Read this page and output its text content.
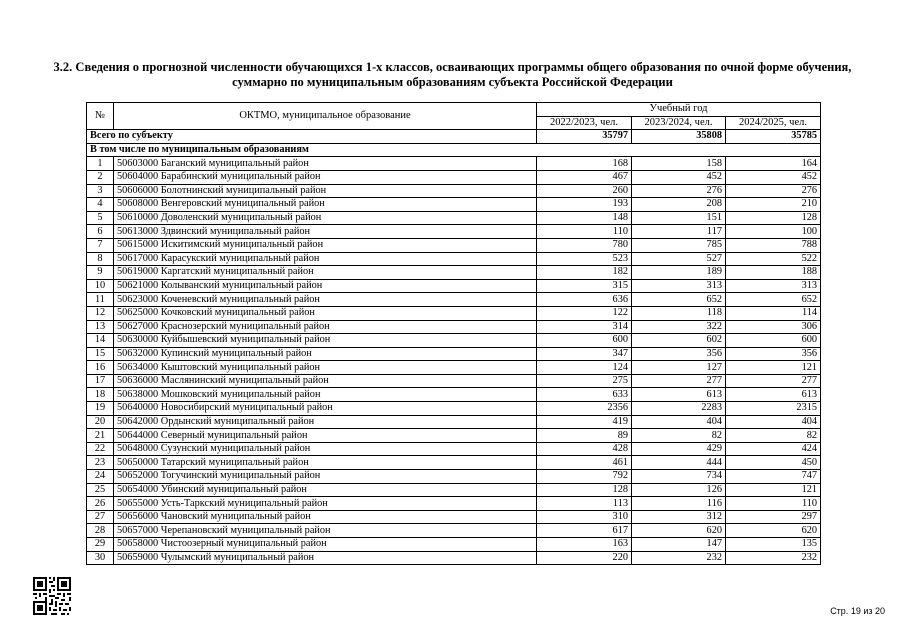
3.2. Сведения о прогнозной численности обучающихся 1-х классов, осваивающих программы общего образования по очной форме обучения,
суммарно по муниципальным образованиям субъекта Российской Федерации
№	ОКТМО, муниципальное образование	Учебный год		
		2022/2023, чел.	2023/2024, чел.	2024/2025, чел.
Всего по субъекту		35797	35808	35785
В том числе по муниципальным образованиям				
1	50603000 Баганский муниципальный район	168	158	164
2	50604000 Барабинский муниципальный район	467	452	452
3	50606000 Болотнинский муниципальный район	260	276	276
4	50608000 Венгеровский муниципальный район	193	208	210
5	50610000 Доволенский муниципальный район	148	151	128
6	50613000 Здвинский муниципальный район	110	117	100
7	50615000 Искитимский муниципальный район	780	785	788
8	50617000 Карасукский муниципальный район	523	527	522
9	50619000 Каргатский муниципальный район	182	189	188
10	50621000 Колыванский муниципальный район	315	313	313
11	50623000 Коченевский муниципальный район	636	652	652
12	50625000 Кочковский муниципальный район	122	118	114
13	50627000 Краснозерский муниципальный район	314	322	306
14	50630000 Куйбышевский муниципальный район	600	602	600
15	50632000 Купинский муниципальный район	347	356	356
16	50634000 Кыштовский муниципальный район	124	127	121
17	50636000 Маслянинский муниципальный район	275	277	277
18	50638000 Мошковский муниципальный район	633	613	613
19	50640000 Новосибирский муниципальный район	2356	2283	2315
20	50642000 Ордынский муниципальный район	419	404	404
21	50644000 Северный муниципальный район	89	82	82
22	50648000 Сузунский муниципальный район	428	429	424
23	50650000 Татарский муниципальный район	461	444	450
24	50652000 Тогучинский муниципальный район	792	734	747
25	50654000 Убинский муниципальный район	128	126	121
26	50655000 Усть-Таркский муниципальный район	113	116	110
27	50656000 Чановский муниципальный район	310	312	297
28	50657000 Черепановский муниципальный район	617	620	620
29	50658000 Чистоозерный муниципальный район	163	147	135
30	50659000 Чулымский муниципальный район	220	232	232
Стр. 19 из 20
